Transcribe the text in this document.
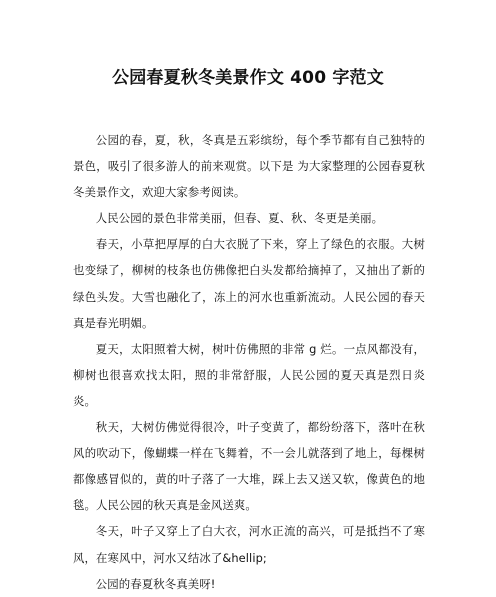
公园春夏秋冬美景作文 400 字范文

公园的春，夏，秋，冬真是五彩缤纷，每个季节都有自己独特的景色，吸引了很多游人的前来观赏。以下是 为大家整理的公园春夏秋冬美景作文，欢迎大家参考阅读。

人民公园的景色非常美丽，但春、夏、秋、冬更是美丽。

春天，小草把厚厚的白大衣脱了下来，穿上了绿色的衣服。大树也变绿了，柳树的枝条也仿佛像把白头发都给摘掉了，又抽出了新的绿色头发。大雪也融化了，冻上的河水也重新流动。人民公园的春天真是春光明媚。

夏天，太阳照着大树，树叶仿佛照的非常 g 烂。一点风都没有，柳树也很喜欢找太阳，照的非常舒服，人民公园的夏天真是烈日炎炎。

秋天，大树仿佛觉得很冷，叶子变黄了，都纷纷落下，落叶在秋风的吹动下，像蝴蝶一样在飞舞着，不一会儿就落到了地上，每棵树都像感冒似的，黄的叶子落了一大堆，踩上去又送又软，像黄色的地毯。人民公园的秋天真是金风送爽。

冬天，叶子又穿上了白大衣，河水正流的高兴，可是抵挡不了寒风，在寒风中，河水又结冰了&hellip;

公园的春夏秋冬真美呀!
